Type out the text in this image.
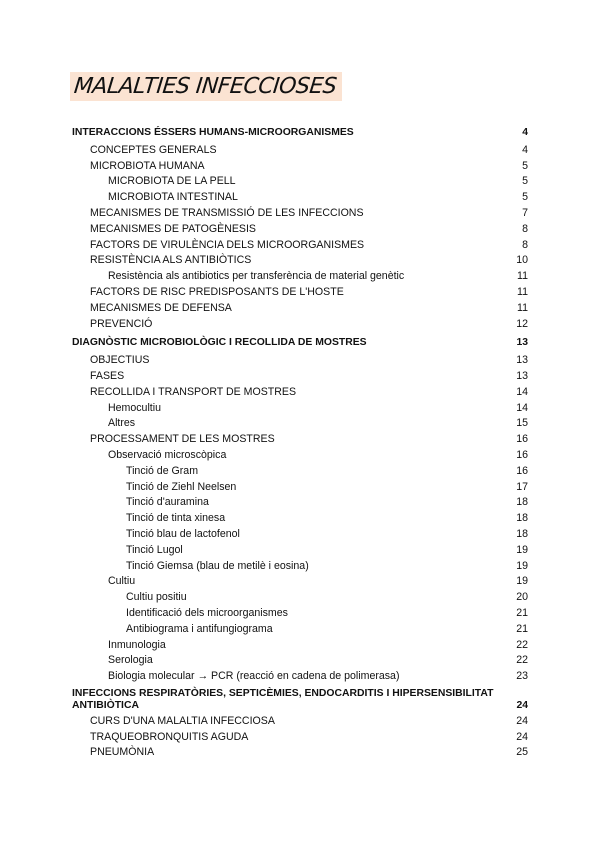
MALALTIES INFECCIOSES
INTERACCIONS ÉSSERS HUMANS-MICROORGANISMES	4
CONCEPTES GENERALS	4
MICROBIOTA HUMANA	5
MICROBIOTA DE LA PELL	5
MICROBIOTA INTESTINAL	5
MECANISMES DE TRANSMISSIÓ DE LES INFECCIONS	7
MECANISMES DE PATOGÈNESIS	8
FACTORS DE VIRULÈNCIA DELS MICROORGANISMES	8
RESISTÈNCIA ALS ANTIBIÒTICS	10
Resistència als antibiotics per transferència de material genètic	11
FACTORS DE RISC PREDISPOSANTS DE L'HOSTE	11
MECANISMES DE DEFENSA	11
PREVENCIÓ	12
DIAGNÒSTIC MICROBIOLÒGIC I RECOLLIDA DE MOSTRES	13
OBJECTIUS	13
FASES	13
RECOLLIDA I TRANSPORT DE MOSTRES	14
Hemocultiu	14
Altres	15
PROCESSAMENT DE LES MOSTRES	16
Observació microscòpica	16
Tinció de Gram	16
Tinció de Ziehl Neelsen	17
Tinció d'auramina	18
Tinció de tinta xinesa	18
Tinció blau de lactofenol	18
Tinció Lugol	19
Tinció Giemsa (blau de metilè i eosina)	19
Cultiu	19
Cultiu positiu	20
Identificació dels microorganismes	21
Antibiograma i antifungiograma	21
Inmunologia	22
Serologia	22
Biologia molecular → PCR (reacció en cadena de polimerasa)	23
INFECCIONS RESPIRATÒRIES, SEPTICÈMIES, ENDOCARDITIS I HIPERSENSIBILITAT ANTIBIÒTICA	24
CURS D'UNA MALALTIA INFECCIOSA	24
TRAQUEOBRONQUITIS AGUDA	24
PNEUMÒNIA	25
